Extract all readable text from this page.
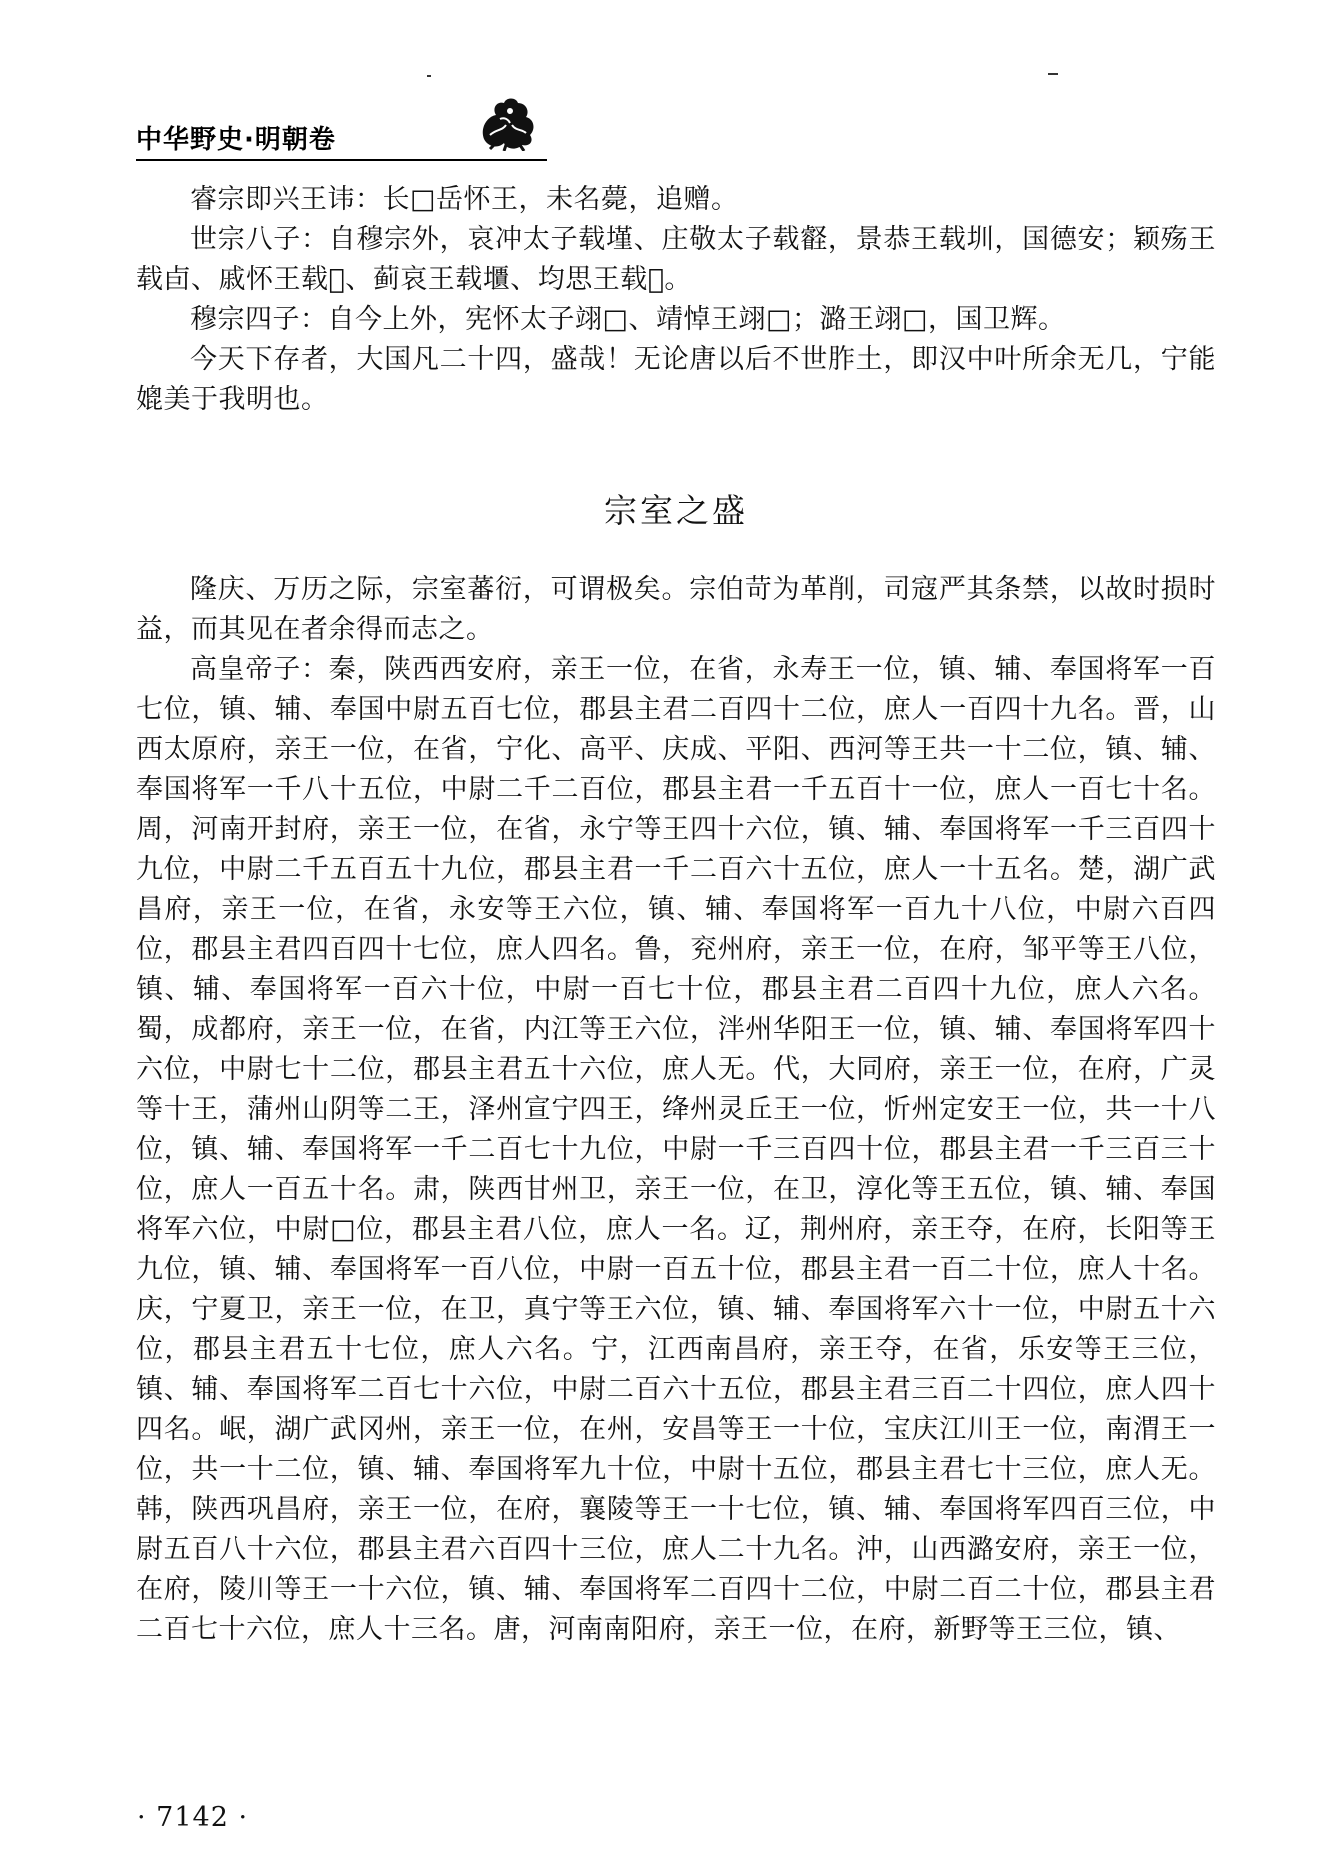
中华野史·明朝卷

睿宗即兴王讳：长□岳怀王，未名薨，追赠。

世宗八子：自穆宗外，哀冲太子载墐、庄敬太子载壡，景恭王载圳，国德安；颖殇王载卣、戚怀王载𪧶、蓟哀王载㙺、均思王载𪉖。

穆宗四子：自今上外，宪怀太子翊□、靖悼王翊□；潞王翊□，国卫辉。

今天下存者，大国凡二十四，盛哉！无论唐以后不世胙土，即汉中叶所余无几，宁能媲美于我明也。

宗室之盛

隆庆、万历之际，宗室蕃衍，可谓极矣。宗伯苛为革削，司寇严其条禁，以故时损时益，而其见在者余得而志之。

高皇帝子：秦，陕西西安府，亲王一位，在省，永寿王一位，镇、辅、奉国将军一百七位，镇、辅、奉国中尉五百七位，郡县主君二百四十二位，庶人一百四十九名。晋，山西太原府，亲王一位，在省，宁化、高平、庆成、平阳、西河等王共一十二位，镇、辅、奉国将军一千八十五位，中尉二千二百位，郡县主君一千五百十一位，庶人一百七十名。周，河南开封府，亲王一位，在省，永宁等王四十六位，镇、辅、奉国将军一千三百四十九位，中尉二千五百五十九位，郡县主君一千二百六十五位，庶人一十五名。楚，湖广武昌府，亲王一位，在省，永安等王六位，镇、辅、奉国将军一百九十八位，中尉六百四位，郡县主君四百四十七位，庶人四名。鲁，兖州府，亲王一位，在府，邹平等王八位，镇、辅、奉国将军一百六十位，中尉一百七十位，郡县主君二百四十九位，庶人六名。蜀，成都府，亲王一位，在省，内江等王六位，泮州华阳王一位，镇、辅、奉国将军四十六位，中尉七十二位，郡县主君五十六位，庶人无。代，大同府，亲王一位，在府，广灵等十王，蒲州山阴等二王，泽州宣宁四王，绛州灵丘王一位，忻州定安王一位，共一十八位，镇、辅、奉国将军一千二百七十九位，中尉一千三百四十位，郡县主君一千三百三十位，庶人一百五十名。肃，陕西甘州卫，亲王一位，在卫，淳化等王五位，镇、辅、奉国将军六位，中尉□位，郡县主君八位，庶人一名。辽，荆州府，亲王夺，在府，长阳等王九位，镇、辅、奉国将军一百八位，中尉一百五十位，郡县主君一百二十位，庶人十名。庆，宁夏卫，亲王一位，在卫，真宁等王六位，镇、辅、奉国将军六十一位，中尉五十六位，郡县主君五十七位，庶人六名。宁，江西南昌府，亲王夺，在省，乐安等王三位，镇、辅、奉国将军二百七十六位，中尉二百六十五位，郡县主君三百二十四位，庶人四十四名。岷，湖广武冈州，亲王一位，在州，安昌等王一十位，宝庆江川王一位，南渭王一位，共一十二位，镇、辅、奉国将军九十位，中尉十五位，郡县主君七十三位，庶人无。韩，陕西巩昌府，亲王一位，在府，襄陵等王一十七位，镇、辅、奉国将军四百三位，中尉五百八十六位，郡县主君六百四十三位，庶人二十九名。沖，山西潞安府，亲王一位，在府，陵川等王一十六位，镇、辅、奉国将军二百四十二位，中尉二百二十位，郡县主君二百七十六位，庶人十三名。唐，河南南阳府，亲王一位，在府，新野等王三位，镇、

· 7142 ·
